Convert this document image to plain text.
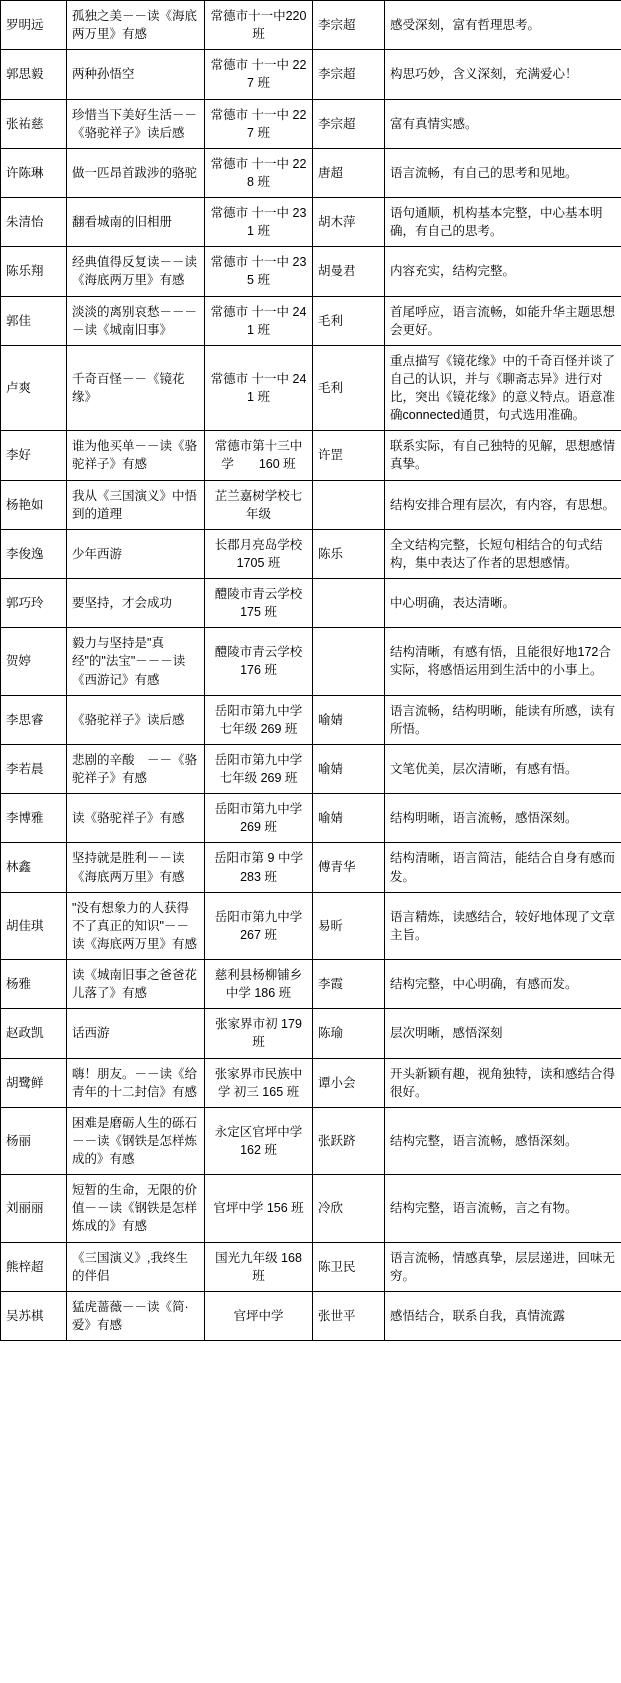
罗明远	孤独之美－－读《海底两万里》有感	常德市十一中220 班	李宗超	感受深刻，富有哲理思考。
郭思毅	两种孙悟空	常德市 十一中 227 班	李宗超	构思巧妙，含义深刻，充满爱心！
张祐慈	珍惜当下美好生活－－《骆驼祥子》读后感	常德市 十一中 227 班	李宗超	富有真情实感。
许陈琳	做一匹昂首跋涉的骆驼	常德市 十一中 228 班	唐超	语言流畅，有自己的思考和见地。
朱清怡	翻看城南的旧相册	常德市 十一中 231 班	胡木萍	语句通顺，机构基本完整，中心基本明确，有自己的思考。
陈乐翔	经典值得反复读－－读《海底两万里》有感	常德市 十一中 235 班	胡曼君	内容充实，结构完整。
郭佳	淡淡的离别哀愁－－－－读《城南旧事》	常德市 十一中 241 班	毛利	首尾呼应，语言流畅，如能升华主题思想会更好。
卢爽	千奇百怪－－《镜花缘》	常德市 十一中 241 班	毛利	重点描写《镜花缘》中的千奇百怪并谈了自己的认识，并与《聊斋志异》进行对比，突出《镜花缘》的意义特点。语意准确connected通贯，句式选用准确。
李好	谁为他买单－－读《骆驼祥子》有感	常德市第十三中学　　160 班	许罡	联系实际，有自己独特的见解，思想感情真挚。
杨艳如	我从《三国演义》中悟到的道理	芷兰嘉树学校七年级		结构安排合理有层次，有内容，有思想。
李俊逸	少年西游	长郡月亮岛学校 1705 班	陈乐	全文结构完整，长短句相结合的句式结构，集中表达了作者的思想感情。
郭巧玲	要坚持，才会成功	醴陵市青云学校 175 班		中心明确，表达清晰。
贺婷	毅力与坚持是"真经"的"法宝"－－－读《西游记》有感	醴陵市青云学校 176 班		结构清晰，有感有悟，且能很好地172合实际，将感悟运用到生活中的小事上。
李思睿	《骆驼祥子》读后感	岳阳市第九中学七年级 269 班	喻婧	语言流畅，结构明晰，能读有所感，读有所悟。
李若晨	悲剧的辛酸　－－《骆驼祥子》有感	岳阳市第九中学七年级 269 班	喻婧	文笔优美，层次清晰，有感有悟。
李博雅	读《骆驼祥子》有感	岳阳市第九中学 269 班	喻婧	结构明晰，语言流畅，感悟深刻。
林鑫	坚持就是胜利－－读《海底两万里》有感	岳阳市第 9 中学 283 班	傅青华	结构清晰，语言简洁，能结合自身有感而发。
胡佳琪	"没有想象力的人获得不了真正的知识"－－读《海底两万里》有感	岳阳市第九中学 267 班	易昕	语言精炼，读感结合，较好地体现了文章主旨。
杨雅	读《城南旧事之爸爸花儿落了》有感	慈利县杨柳铺乡中学 186 班	李霞	结构完整，中心明确，有感而发。
赵政凯	话西游	张家界市初 179 班	陈瑜	层次明晰，感悟深刻
胡鹭鲜	嗨！朋友。－－读《给青年的十二封信》有感	张家界市民族中学 初三 165 班	谭小会	开头新颖有趣，视角独特，读和感结合得很好。
杨丽	困难是磨砺人生的砾石－－读《钢铁是怎样炼成的》有感	永定区官坪中学 162 班	张跃跻	结构完整，语言流畅，感悟深刻。
刘丽丽	短暂的生命，无限的价值－－读《钢铁是怎样炼成的》有感	官坪中学 156 班	冷欣	结构完整，语言流畅，言之有物。
熊梓超	《三国演义》,我终生的伴侣	国光九年级 168 班	陈卫民	语言流畅，情感真挚，层层递进，回味无穷。
吴苏棋	猛虎蔷薇－－读《简·爱》有感	官坪中学	张世平	感悟结合，联系自我，真情流露
